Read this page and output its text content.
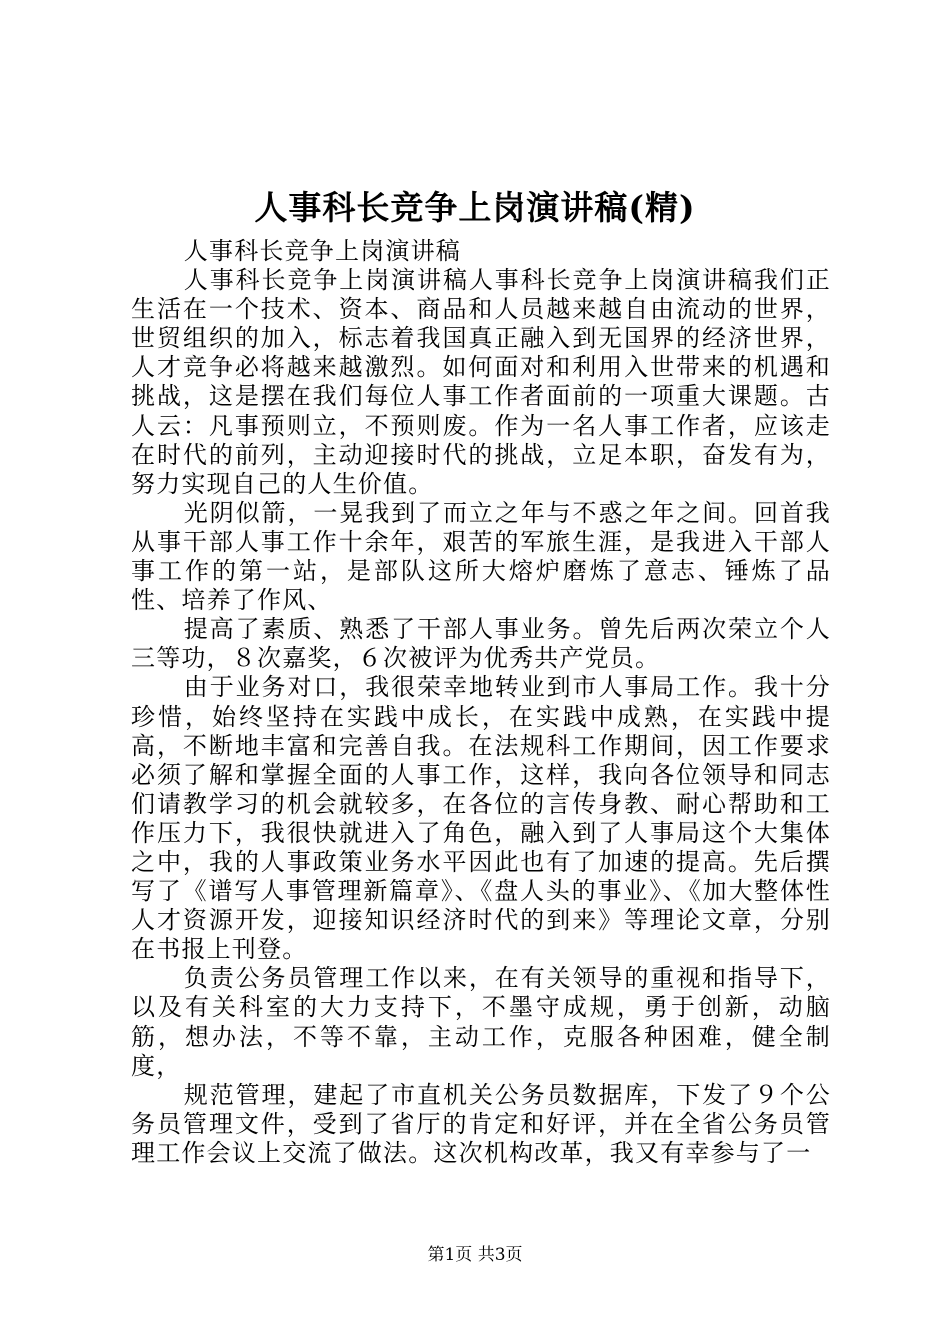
人事科长竞争上岗演讲稿(精)

人事科长竞争上岗演讲稿

人事科长竞争上岗演讲稿人事科长竞争上岗演讲稿我们正生活在一个技术、资本、商品和人员越来越自由流动的世界，世贸组织的加入，标志着我国真正融入到无国界的经济世界，人才竞争必将越来越激烈。如何面对和利用入世带来的机遇和挑战，这是摆在我们每位人事工作者面前的一项重大课题。古人云：凡事预则立，不预则废。作为一名人事工作者，应该走在时代的前列，主动迎接时代的挑战，立足本职，奋发有为，努力实现自己的人生价值。

光阴似箭，一晃我到了而立之年与不惑之年之间。回首我从事干部人事工作十余年，艰苦的军旅生涯，是我进入干部人事工作的第一站，是部队这所大熔炉磨炼了意志、锤炼了品性、培养了作风、

提高了素质、熟悉了干部人事业务。曾先后两次荣立个人三等功，８次嘉奖，６次被评为优秀共产党员。

由于业务对口，我很荣幸地转业到市人事局工作。我十分珍惜，始终坚持在实践中成长，在实践中成熟，在实践中提高，不断地丰富和完善自我。在法规科工作期间，因工作要求必须了解和掌握全面的人事工作，这样，我向各位领导和同志们请教学习的机会就较多，在各位的言传身教、耐心帮助和工作压力下，我很快就进入了角色，融入到了人事局这个大集体之中，我的人事政策业务水平因此也有了加速的提高。先后撰写了《谱写人事管理新篇章》、《盘人头的事业》、《加大整体性人才资源开发，迎接知识经济时代的到来》等理论文章，分别在书报上刊登。

负责公务员管理工作以来，在有关领导的重视和指导下，以及有关科室的大力支持下，不墨守成规，勇于创新，动脑筋，想办法，不等不靠，主动工作，克服各种困难，健全制度，

规范管理，建起了市直机关公务员数据库，下发了９个公务员管理文件，受到了省厅的肯定和好评，并在全省公务员管理工作会议上交流了做法。这次机构改革，我又有幸参与了一

第1页 共3页
